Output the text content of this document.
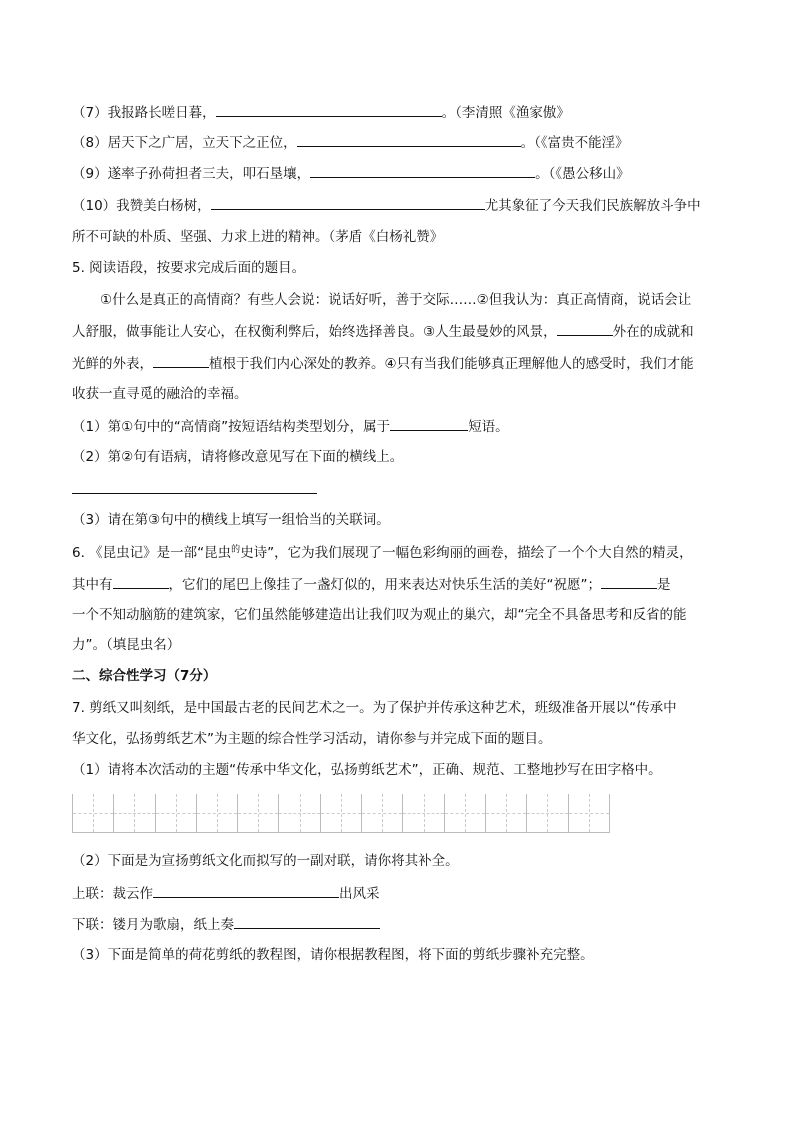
（7）我报路长嗟日暮，	。（李清照《渔家傲》
（8）居天下之广居，立天下之正位，	。（《富贵不能淫》
（9）遂率子孙荷担者三夫，叩石垦壤，	。（《愚公移山》
（10）我赞美白杨树，	尤其象征了今天我们民族解放斗争中
所不可缺的朴质、坚强、力求上进的精神。（茅盾《白杨礼赞》
5. 阅读语段，按要求完成后面的题目。
①什么是真正的高情商？有些人会说：说话好听，善于交际……②但我认为：真正高情商，说话会让
人舒服，做事能让人安心，在权衡利弊后，始终选择善良。③人生最曼妙的风景，	外在的成就和
光鲜的外表，	植根于我们内心深处的教养。④只有当我们能够真正理解他人的感受时，我们才能
收获一直寻觅的融洽的幸福。
（1）第①句中的“高情商”按短语结构类型划分，属于	短语。
（2）第②句有语病，请将修改意见写在下面的横线上。
（3）请在第③句中的横线上填写一组恰当的关联词。
6. 《昆虫记》是一部“昆虫$^的$史诗”，它为我们展现了一幅色彩绚丽的画卷，描绘了一个个大自然的精灵，
其中有	，它们的尾巴上像挂了一盏灯似的，用来表达对快乐生活的美好“祝愿”；	是
一个不知动脑筋的建筑家，它们虽然能够建造出让我们叹为观止的巢穴，却“完全不具备思考和反省的能
力”。（填昆虫名）
二、综合性学习（7分）
7. 剪纸又叫刻纸，是中国最古老的民间艺术之一。为了保护并传承这种艺术，班级准备开展以“传承中
华文化，弘扬剪纸艺术”为主题的综合性学习活动，请你参与并完成下面的题目。
（1）请将本次活动的主题“传承中华文化，弘扬剪纸艺术”，正确、规范、工整地抄写在田字格中。
（2）下面是为宣扬剪纸文化而拟写的一副对联，请你将其补全。
上联：裁云作	出风采
下联：镂月为歌扇，纸上奏
（3）下面是简单的荷花剪纸的教程图，请你根据教程图，将下面的剪纸步骤补充完整。
